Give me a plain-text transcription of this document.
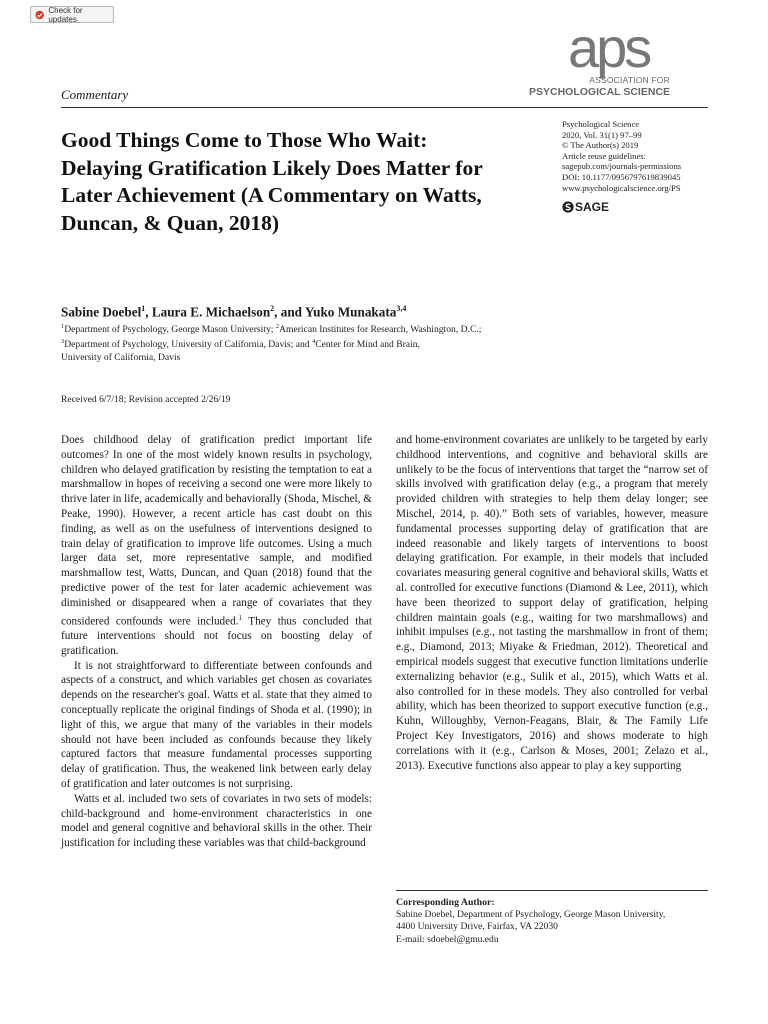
Check for updates	aps
ASSOCIATION FOR
PSYCHOLOGICAL SCIENCE
Commentary
Good Things Come to Those Who Wait: Delaying Gratification Likely Does Matter for Later Achievement (A Commentary on Watts, Duncan, & Quan, 2018)
Psychological Science
2020, Vol. 31(1) 97–99
© The Author(s) 2019
Article reuse guidelines:
sagepub.com/journals-permissions
DOI: 10.1177/0956797619839045
www.psychologicalscience.org/PS
SAGE
Sabine Doebel$^1$, Laura E. Michaelson$^2$, and Yuko Munakata$^{3,4}$
$^1$Department of Psychology, George Mason University; $^2$American Institutes for Research, Washington, D.C.;
$^3$Department of Psychology, University of California, Davis; and $^4$Center for Mind and Brain,
University of California, Davis
Received 6/7/18; Revision accepted 2/26/19

Does childhood delay of gratification predict important life outcomes? In one of the most widely known results in psychology, children who delayed gratification by resisting the temptation to eat a marshmallow in hopes of receiving a second one were more likely to thrive later in life, academically and behaviorally (Shoda, Mischel, & Peake, 1990). However, a recent article has cast doubt on this finding, as well as on the usefulness of interventions designed to train delay of gratification to improve life outcomes. Using a much larger data set, more representative sample, and modified marshmallow test, Watts, Duncan, and Quan (2018) found that the predictive power of the test for later academic achievement was diminished or disappeared when a range of covariates that they considered confounds were included.$^1$ They thus concluded that future interventions should not focus on boosting delay of gratification.

It is not straightforward to differentiate between confounds and aspects of a construct, and which variables get chosen as covariates depends on the researcher's goal. Watts et al. state that they aimed to conceptually replicate the original findings of Shoda et al. (1990); in light of this, we argue that many of the variables in their models should not have been included as confounds because they likely captured factors that measure fundamental processes supporting delay of gratification. Thus, the weakened link between early delay of gratification and later outcomes is not surprising.

Watts et al. included two sets of covariates in two sets of models: child-background and home-environment characteristics in one model and general cognitive and behavioral skills in the other. Their justification for including these variables was that child-background

and home-environment covariates are unlikely to be targeted by early childhood interventions, and cognitive and behavioral skills are unlikely to be the focus of interventions that target the “narrow set of skills involved with gratification delay (e.g., a program that merely provided children with strategies to help them delay longer; see Mischel, 2014, p. 40).” Both sets of variables, however, measure fundamental processes supporting delay of gratification that are indeed reasonable and likely targets of interventions to boost delaying gratification. For example, in their models that included covariates measuring general cognitive and behavioral skills, Watts et al. controlled for executive functions (Diamond & Lee, 2011), which have been theorized to support delay of gratification, helping children maintain goals (e.g., waiting for two marshmallows) and inhibit impulses (e.g., not tasting the marshmallow in front of them; e.g., Diamond, 2013; Miyake & Friedman, 2012). Theoretical and empirical models suggest that executive function limitations underlie externalizing behavior (e.g., Sulik et al., 2015), which Watts et al. also controlled for in these models. They also controlled for verbal ability, which has been theorized to support executive function (e.g., Kuhn, Willoughby, Vernon-Feagans, Blair, & The Family Life Project Key Investigators, 2016) and shows moderate to high correlations with it (e.g., Carlson & Moses, 2001; Zelazo et al., 2013). Executive functions also appear to play a key supporting

Corresponding Author:
Sabine Doebel, Department of Psychology, George Mason University,
4400 University Drive, Fairfax, VA 22030
E-mail: sdoebel@gmu.edu
